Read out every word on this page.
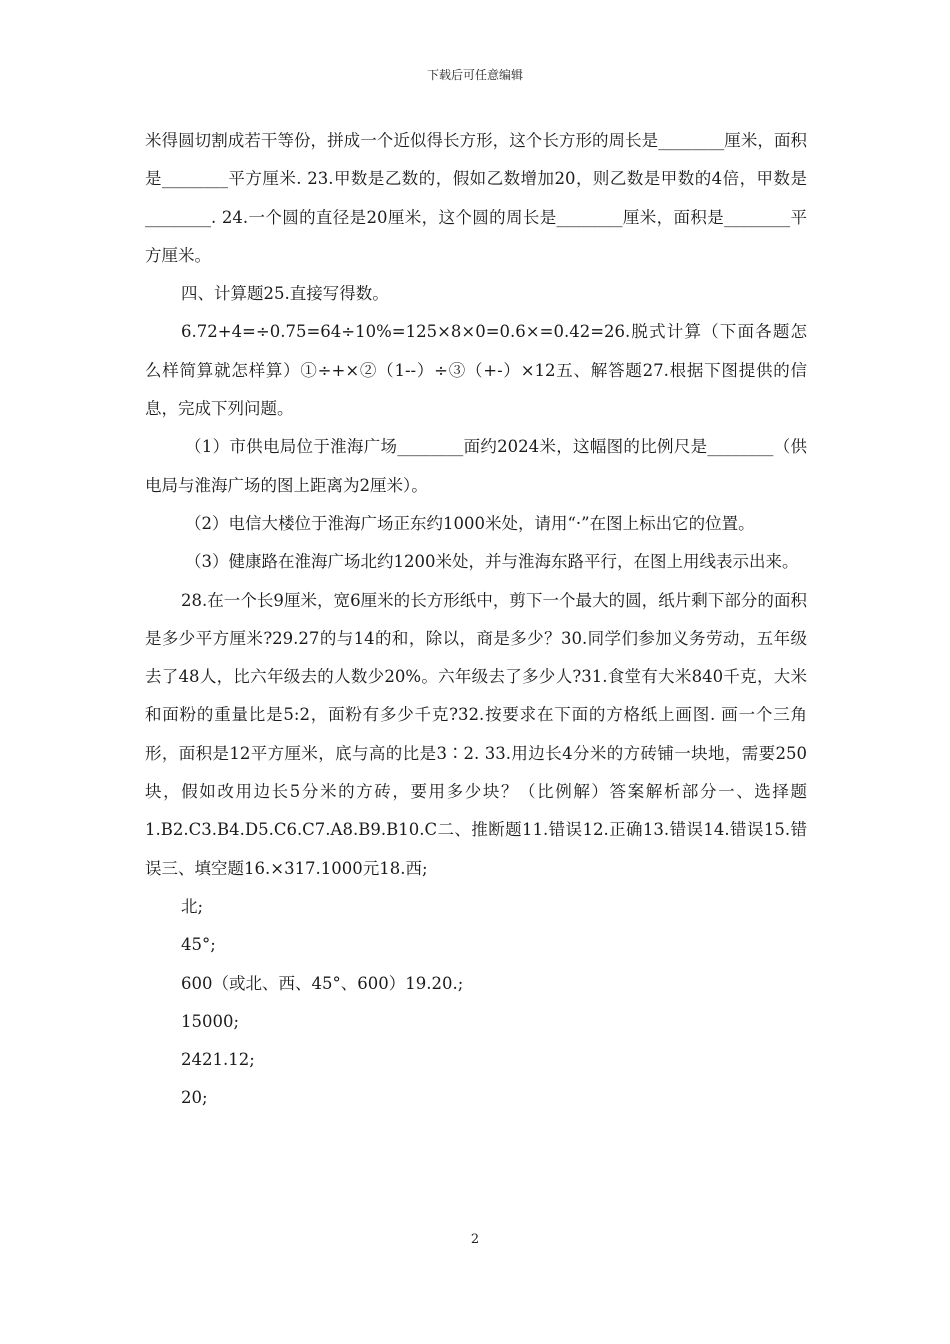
下载后可任意编辑

米得圆切割成若干等份，拼成一个近似得长方形，这个长方形的周长是________厘米，面积是________平方厘米. 23.甲数是乙数的，假如乙数增加20，则乙数是甲数的4倍，甲数是________. 24.一个圆的直径是20厘米，这个圆的周长是________厘米，面积是________平方厘米。

四、计算题25.直接写得数。

6.72+4=÷0.75=64÷10%=125×8×0=0.6×=0.42=26.脱式计算（下面各题怎么样简算就怎样算）①÷+×②（1--）÷③（+-）×12五、解答题27.根据下图提供的信息，完成下列问题。

（1）市供电局位于淮海广场________面约2024米，这幅图的比例尺是________（供电局与淮海广场的图上距离为2厘米）。

（2）电信大楼位于淮海广场正东约1000米处，请用“·”在图上标出它的位置。

（3）健康路在淮海广场北约1200米处，并与淮海东路平行，在图上用线表示出来。

28.在一个长9厘米，宽6厘米的长方形纸中，剪下一个最大的圆，纸片剩下部分的面积是多少平方厘米?29.27的与14的和，除以，商是多少？30.同学们参加义务劳动，五年级去了48人，比六年级去的人数少20%。六年级去了多少人?31.食堂有大米840千克，大米和面粉的重量比是5:2，面粉有多少千克?32.按要求在下面的方格纸上画图. 画一个三角形，面积是12平方厘米，底与高的比是3∶2. 33.用边长4分米的方砖铺一块地，需要250块，假如改用边长5分米的方砖，要用多少块？（比例解）答案解析部分一、选择题1.B2.C3.B4.D5.C6.C7.A8.B9.B10.C二、推断题11.错误12.正确13.错误14.错误15.错误三、填空题16.×317.1000元18.西;

北;

45°;

600（或北、西、45°、600）19.20.;

15000;

2421.12;

20;

2
